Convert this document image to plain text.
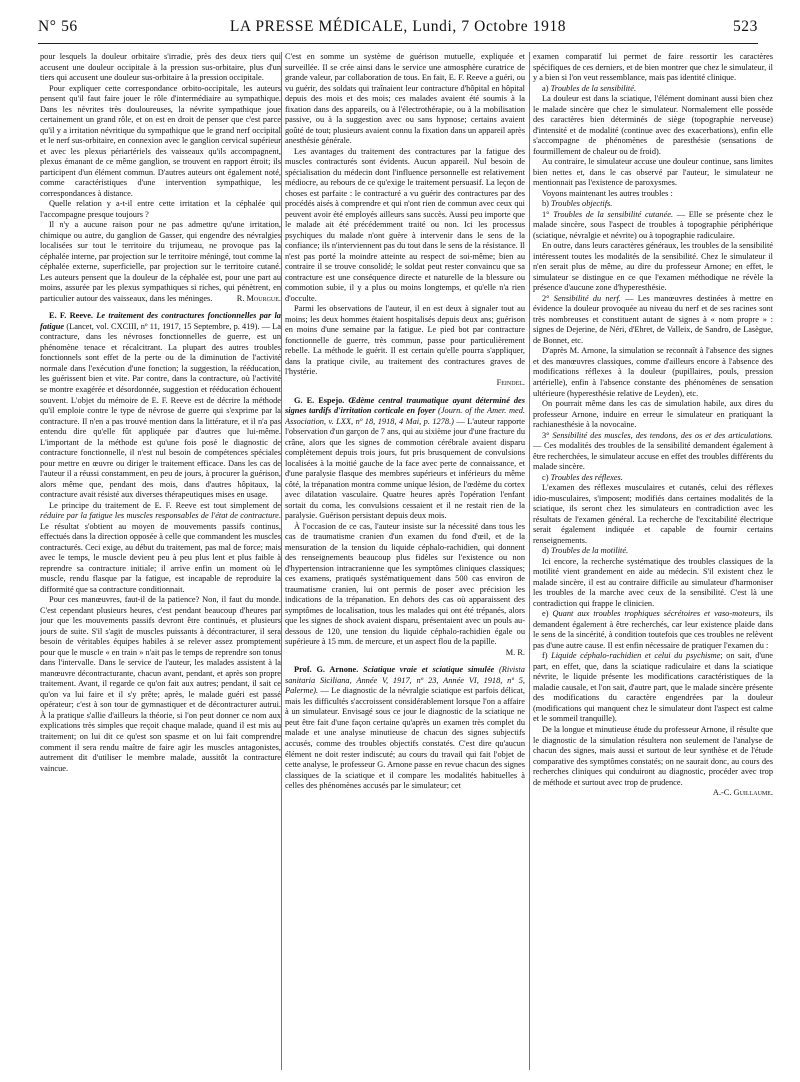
N° 56	LA PRESSE MÉDICALE, Lundi, 7 Octobre 1918	523

pour lesquels la douleur orbitaire s'irradie, près des deux tiers qui accusent une douleur occipitale à la pression sus-orbitaire, plus d'un tiers qui accusent une douleur sus-orbitaire à la pression occipitale.

Pour expliquer cette correspondance orbito-occipitale, les auteurs pensent qu'il faut faire jouer le rôle d'intermédiaire au sympathique. Dans les névrites très douloureuses, la névrite sympathique joue certainement un grand rôle, et on est en droit de penser que c'est parce qu'il y a irritation névritique du sympathique que le grand nerf occipital et le nerf sus-orbitaire, en connexion avec le ganglion cervical supérieur et avec les plexus périartériels des vaisseaux qu'ils accompagnent, plexus émanant de ce même ganglion, se trouvent en rapport étroit; ils participent d'un élément commun. D'autres auteurs ont également noté, comme caractéristiques d'une intervention sympathique, les correspondances à distance.

Quelle relation y a-t-il entre cette irritation et la céphalée qui l'accompagne presque toujours ?

Il n'y a aucune raison pour ne pas admettre qu'une irritation, chimique ou autre, du ganglion de Gasser, qui engendre des névralgies localisées sur tout le territoire du trijumeau, ne provoque pas la céphalée interne, par projection sur le territoire méningé, tout comme la céphalée externe, superficielle, par projection sur le territoire cutané. Les auteurs pensent que la douleur de la céphalée est, pour une part au moins, assurée par les plexus sympathiques si riches, qui pénètrent, en particulier autour des vaisseaux, dans les méninges.	R. Mourgue.

E. F. Reeve. Le traitement des contractures fonctionnelles par la fatigue (Lancet, vol. CXCIII, nº 11, 1917, 15 Septembre, p. 419). — La contracture, dans les névroses fonctionnelles de guerre, est un phénomène tenace et récalcitrant. La plupart des autres troubles fonctionnels sont effet de la perte ou de la diminution de l'activité normale dans l'exécution d'une fonction; la suggestion, la rééducation, les guérissent bien et vite. Par contre, dans la contracture, où l'activité se montre exagérée et désordonnée, suggestion et rééducation échouent souvent. L'objet du mémoire de E. F. Reeve est de décrire la méthode qu'il emploie contre le type de névrose de guerre qui s'exprime par la contracture. Il n'en a pas trouvé mention dans la littérature, et il n'a pas entendu dire qu'elle fût appliquée par d'autres que lui-même. L'important de la méthode est qu'une fois posé le diagnostic de contracture fonctionnelle, il n'est nul besoin de compétences spéciales pour mettre en œuvre ou diriger le traitement efficace. Dans les cas de l'auteur il a réussi constamment, en peu de jours, à procurer la guérison, alors même que, pendant des mois, dans d'autres hôpitaux, la contracture avait résisté aux diverses thérapeutiques mises en usage.

Le principe du traitement de E. F. Reeve est tout simplement de réduire par la fatigue les muscles responsables de l'état de contracture. Le résultat s'obtient au moyen de mouvements passifs continus, effectués dans la direction opposée à celle que commandent les muscles contracturés. Ceci exige, au début du traitement, pas mal de force; mais avec le temps, le muscle devient peu à peu plus lent et plus faible à reprendre sa contracture initiale; il arrive enfin un moment où le muscle, rendu flasque par la fatigue, est incapable de reproduire la difformité que sa contracture conditionnait.

Pour ces manœuvres, faut-il de la patience? Non, il faut du monde. C'est cependant plusieurs heures, c'est pendant beaucoup d'heures par jour que les mouvements passifs devront être continués, et plusieurs jours de suite. S'il s'agit de muscles puissants à décontracturer, il sera besoin de véritables équipes habiles à se relever assez promptement pour que le muscle « en train » n'ait pas le temps de reprendre son tonus dans l'intervalle. Dans le service de l'auteur, les malades assistent à la manœuvre décontracturante, chacun avant, pendant, et après son propre traitement. Avant, il regarde ce qu'on fait aux autres; pendant, il sait ce qu'on va lui faire et il s'y prête; après, le malade guéri est passé opérateur; c'est à son tour de gymnastiquer et de décontracturer autrui. À la pratique s'allie d'ailleurs la théorie, si l'on peut donner ce nom aux explications très simples que reçoit chaque malade, quand il est mis au traitement; on lui dit ce qu'est son spasme et on lui fait comprendre comment il sera rendu maître de faire agir les muscles antagonistes, autrement dit d'utiliser le membre malade, aussitôt la contracture vaincue.

C'est en somme un système de guérison mutuelle, expliquée et surveillée. Il se crée ainsi dans le service une atmosphère curatrice de grande valeur, par collaboration de tous. En fait, E. F. Reeve a guéri, ou vu guérir, des soldats qui traînaient leur contracture d'hôpital en hôpital depuis des mois et des mois; ces malades avaient été soumis à la fixation dans des appareils, ou à l'électrothérapie, ou à la mobilisation passive, ou à la suggestion avec ou sans hypnose; certains avaient goûté de tout; plusieurs avaient connu la fixation dans un appareil après anesthésie générale.

Les avantages du traitement des contractures par la fatigue des muscles contracturés sont évidents. Aucun appareil. Nul besoin de spécialisation du médecin dont l'influence personnelle est relativement médiocre, au rebours de ce qu'exige le traitement persuasif. La leçon de choses est parfaite : le contracturé a vu guérir des contractures par des procédés aisés à comprendre et qui n'ont rien de commun avec ceux qui peuvent avoir été employés ailleurs sans succès. Aussi peu importe que le malade ait été précédemment traité ou non. Ici les processus psychiques du malade n'ont guère à intervenir dans le sens de la confiance; ils n'interviennent pas du tout dans le sens de la résistance. Il n'est pas porté la moindre atteinte au respect de soi-même; bien au contraire il se trouve consolidé; le soldat peut rester convaincu que sa contracture est une conséquence directe et naturelle de la blessure ou commotion subie, il y a plus ou moins longtemps, et qu'elle n'a rien d'occulte.

Parmi les observations de l'auteur, il en est deux à signaler tout au moins; les deux hommes étaient hospitalisés depuis deux ans; guérison en moins d'une semaine par la fatigue. Le pied bot par contracture fonctionnelle de guerre, très commun, passe pour particulièrement rebelle. La méthode le guérit. Il est certain qu'elle pourra s'appliquer, dans la pratique civile, au traitement des contractures graves de l'hystérie.

Feindel.

G. E. Espejo. Œdème central traumatique ayant déterminé des signes tardifs d'irritation corticale en foyer (Journ. of the Amer. med. Association, v. LXX, nº 18, 1918, 4 Mai, p. 1278.) — L'auteur rapporte l'observation d'un garçon de 7 ans, qui au sixième jour d'une fracture du crâne, alors que les signes de commotion cérébrale avaient disparu complètement depuis trois jours, fut pris brusquement de convulsions localisées à la moitié gauche de la face avec perte de connaissance, et d'une paralysie flasque des membres supérieurs et inférieurs du même côté, la trépanation montra comme unique lésion, de l'œdème du cortex avec dilatation vasculaire. Quatre heures après l'opération l'enfant sortait du coma, les convulsions cessaient et il ne restait rien de la paralysie. Guérison persistant depuis deux mois.

À l'occasion de ce cas, l'auteur insiste sur la nécessité dans tous les cas de traumatisme cranien d'un examen du fond d'œil, et de la mensuration de la tension du liquide céphalo-rachidien, qui donnent des renseignements beaucoup plus fidèles sur l'existence ou non d'hypertension intracranienne que les symptômes cliniques classiques; ces examens, pratiqués systématiquement dans 500 cas environ de traumatisme cranien, lui ont permis de poser avec précision les indications de la trépanation. En dehors des cas où apparaissent des symptômes de localisation, tous les malades qui ont été trépanés, alors que les signes de shock avaient disparu, présentaient avec un pouls au-dessous de 120, une tension du liquide céphalo-rachidien égale ou supérieure à 15 mm. de mercure, et un aspect flou de la papille.

M. R.

Prof. G. Arnone. Sciatique vraie et sciatique simulée (Rivista sanitaria Siciliana, Année V, 1917, nº 23, Année VI, 1918, nº 5, Palerme). — Le diagnostic de la névralgie sciatique est parfois délicat, mais les difficultés s'accroissent considérablement lorsque l'on a affaire à un simulateur. Envisagé sous ce jour le diagnostic de la sciatique ne peut être fait d'une façon certaine qu'après un examen très complet du malade et une analyse minutieuse de chacun des signes subjectifs accusés, comme des troubles objectifs constatés. C'est dire qu'aucun élément ne doit rester indiscuté; au cours du travail qui fait l'objet de cette analyse, le professeur G. Arnone passe en revue chacun des signes classiques de la sciatique et il compare les modalités habituelles à celles des phénomènes accusés par le simulateur; cet

examen comparatif lui permet de faire ressortir les caractères spécifiques de ces derniers, et de bien montrer que chez le simulateur, il y a bien si l'on veut ressemblance, mais pas identité clinique.

a) Troubles de la sensibilité.

La douleur est dans la sciatique, l'élément dominant aussi bien chez le malade sincère que chez le simulateur. Normalement elle possède des caractères bien déterminés de siège (topographie nerveuse) d'intensité et de modalité (continue avec des exacerbations), enfin elle s'accompagne de phénomènes de paresthésie (sensations de fourmillement de chaleur ou de froid).

Au contraire, le simulateur accuse une douleur continue, sans limites bien nettes et, dans le cas observé par l'auteur, le simulateur ne mentionnait pas l'existence de paroxysmes.

Voyons maintenant les autres troubles :

b) Troubles objectifs.

1° Troubles de la sensibilité cutanée. — Elle se présente chez le malade sincère, sous l'aspect de troubles à topographie périphérique (sciatique, névralgie et névrite) ou à topographie radiculaire.

En outre, dans leurs caractères généraux, les troubles de la sensibilité intéressent toutes les modalités de la sensibilité. Chez le simulateur il n'en serait plus de même, au dire du professeur Arnone; en effet, le simulateur se distingue en ce que l'examen méthodique ne révèle la présence d'aucune zone d'hyperesthésie.

2° Sensibilité du nerf. — Les manœuvres destinées à mettre en évidence la douleur provoquée au niveau du nerf et de ses racines sont très nombreuses et constituent autant de signes à « nom propre » : signes de Dejerine, de Néri, d'Ehret, de Valleix, de Sandro, de Lasègue, de Bonnet, etc.

D'après M. Arnone, la simulation se reconnaît à l'absence des signes et des manœuvres classiques, comme d'ailleurs encore à l'absence des modifications réflexes à la douleur (pupillaires, pouls, pression artérielle), enfin à l'absence constante des phénomènes de sensation ultérieure (hyperesthésie relative de Leyden), etc.

On pourrait même dans les cas de simulation habile, aux dires du professeur Arnone, induire en erreur le simulateur en pratiquant la rachianesthésie à la novocaïne.

3° Sensibilité des muscles, des tendons, des os et des articulations. — Ces modalités des troubles de la sensibilité demandent également à être recherchées, le simulateur accuse en effet des troubles différents du malade sincère.

c) Troubles des réflexes.

L'examen des réflexes musculaires et cutanés, celui des réflexes idio-musculaires, s'imposent; modifiés dans certaines modalités de la sciatique, ils seront chez les simulateurs en contradiction avec les résultats de l'examen général. La recherche de l'excitabilité électrique serait également indiquée et capable de fournir certains renseignements.

d) Troubles de la motilité.

Ici encore, la recherche systématique des troubles classiques de la motilité vient grandement en aide au médecin. S'il existent chez le malade sincère, il est au contraire difficile au simulateur d'harmoniser les troubles de la marche avec ceux de la sensibilité. C'est là une contradiction qui frappe le clinicien.

e) Quant aux troubles trophiques sécrétoires et vaso-moteurs, ils demandent également à être recherchés, car leur existence plaide dans le sens de la sincérité, à condition toutefois que ces troubles ne relèvent pas d'une autre cause. Il est enfin nécessaire de pratiquer l'examen du :

f) Liquide céphalo-rachidien et celui du psychisme; on sait, d'une part, en effet, que, dans la sciatique radiculaire et dans la sciatique névrite, le liquide présente les modifications caractéristiques de la maladie causale, et l'on sait, d'autre part, que le malade sincère présente des modifications du caractère engendrées par la douleur (modifications qui manquent chez le simulateur dont l'aspect est calme et le sommeil tranquille).

De la longue et minutieuse étude du professeur Arnone, il résulte que le diagnostic de la simulation résultera non seulement de l'analyse de chacun des signes, mais aussi et surtout de leur synthèse et de l'étude comparative des symptômes constatés; on ne saurait donc, au cours des recherches cliniques qui conduiront au diagnostic, procéder avec trop de méthode et surtout avec trop de prudence.

A.-C. Guillaume.
